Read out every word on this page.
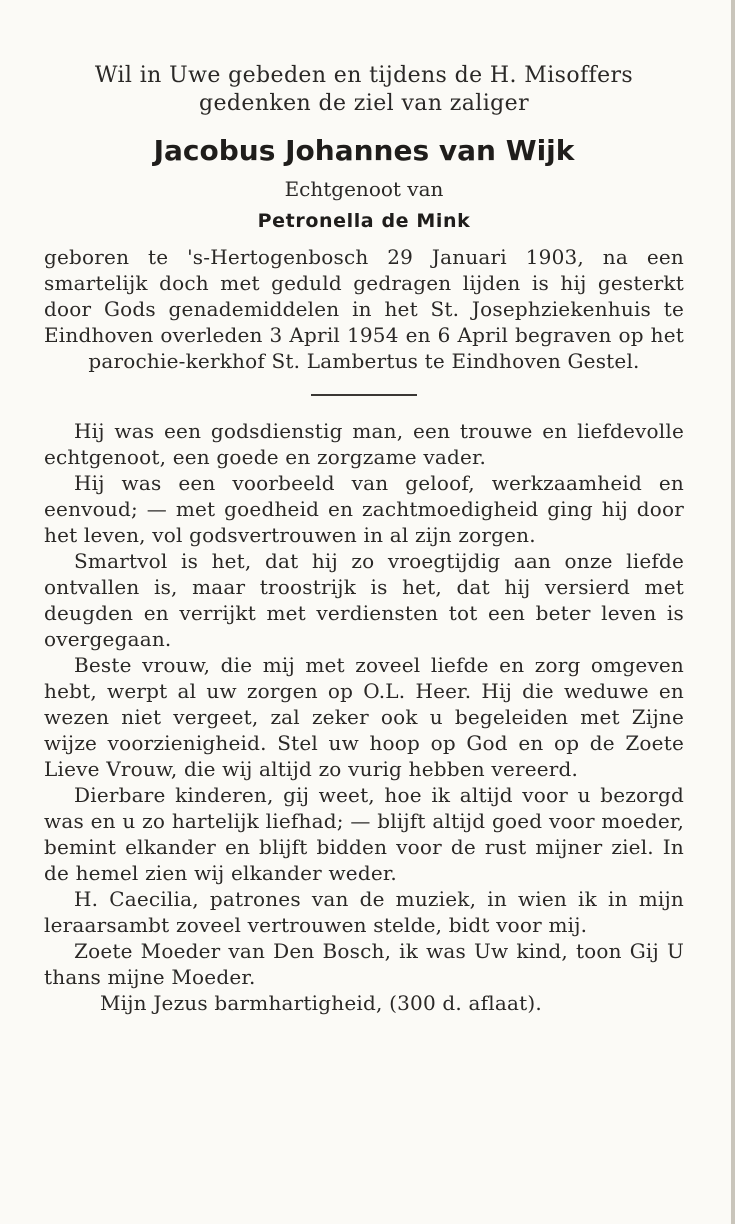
Wil in Uwe gebeden en tijdens de H. Misoffers gedenken de ziel van zaliger
Jacobus Johannes van Wijk
Echtgenoot van
Petronella de Mink
geboren te 's-Hertogenbosch 29 Januari 1903, na een smartelijk doch met geduld gedragen lijden is hij gesterkt door Gods genademiddelen in het St. Josephziekenhuis te Eindhoven overleden 3 April 1954 en 6 April begraven op het parochie-kerkhof St. Lambertus te Eindhoven Gestel.

Hij was een godsdienstig man, een trouwe en liefdevolle echtgenoot, een goede en zorgzame vader.

Hij was een voorbeeld van geloof, werkzaamheid en eenvoud; — met goedheid en zachtmoedigheid ging hij door het leven, vol godsvertrouwen in al zijn zorgen.

Smartvol is het, dat hij zo vroegtijdig aan onze liefde ontvallen is, maar troostrijk is het, dat hij versierd met deugden en verrijkt met verdiensten tot een beter leven is overgegaan.

Beste vrouw, die mij met zoveel liefde en zorg omgeven hebt, werpt al uw zorgen op O.L. Heer. Hij die weduwe en wezen niet vergeet, zal zeker ook u begeleiden met Zijne wijze voorzienigheid. Stel uw hoop op God en op de Zoete Lieve Vrouw, die wij altijd zo vurig hebben vereerd.

Dierbare kinderen, gij weet, hoe ik altijd voor u bezorgd was en u zo hartelijk liefhad; — blijft altijd goed voor moeder, bemint elkander en blijft bidden voor de rust mijner ziel. In de hemel zien wij elkander weder.

H. Caecilia, patrones van de muziek, in wien ik in mijn leraarsambt zoveel vertrouwen stelde, bidt voor mij.

Zoete Moeder van Den Bosch, ik was Uw kind, toon Gij U thans mijne Moeder.

Mijn Jezus barmhartigheid, (300 d. aflaat).
